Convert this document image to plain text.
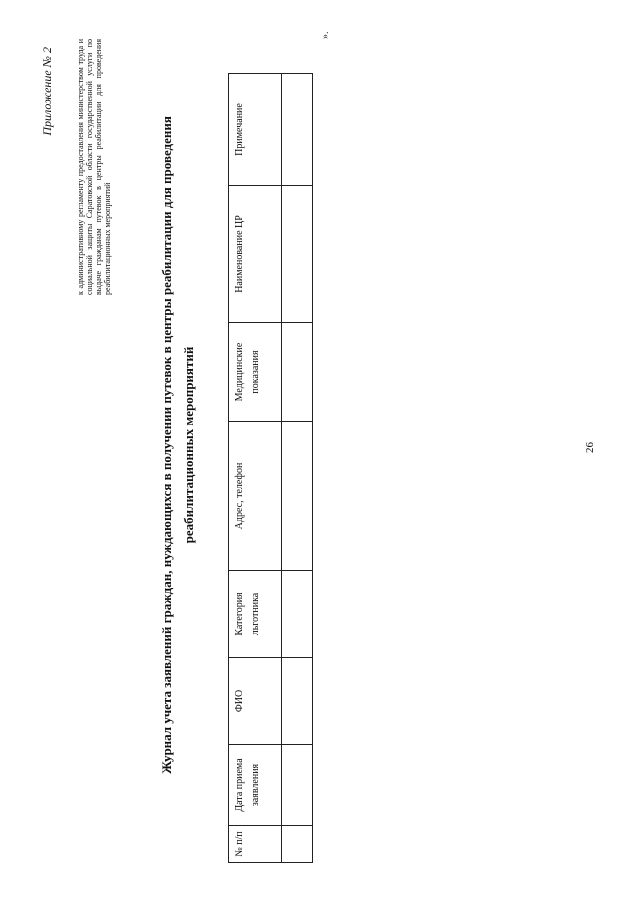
Приложение № 2	к административному регламенту предоставления министерством труда и социальной защиты Саратовской области государственной услуги по выдаче гражданам путевок в центры реабилитации для проведения реабилитационных мероприятий	Журнал учета заявлений граждан, нуждающихся в получении путевок в центры реабилитации для проведения реабилитационных мероприятий
№ п/п	Дата приема заявления	ФИО	Категория льготника	Адрес, телефон	Медицинские показания	Наименование ЦР	Примечание

».
26
